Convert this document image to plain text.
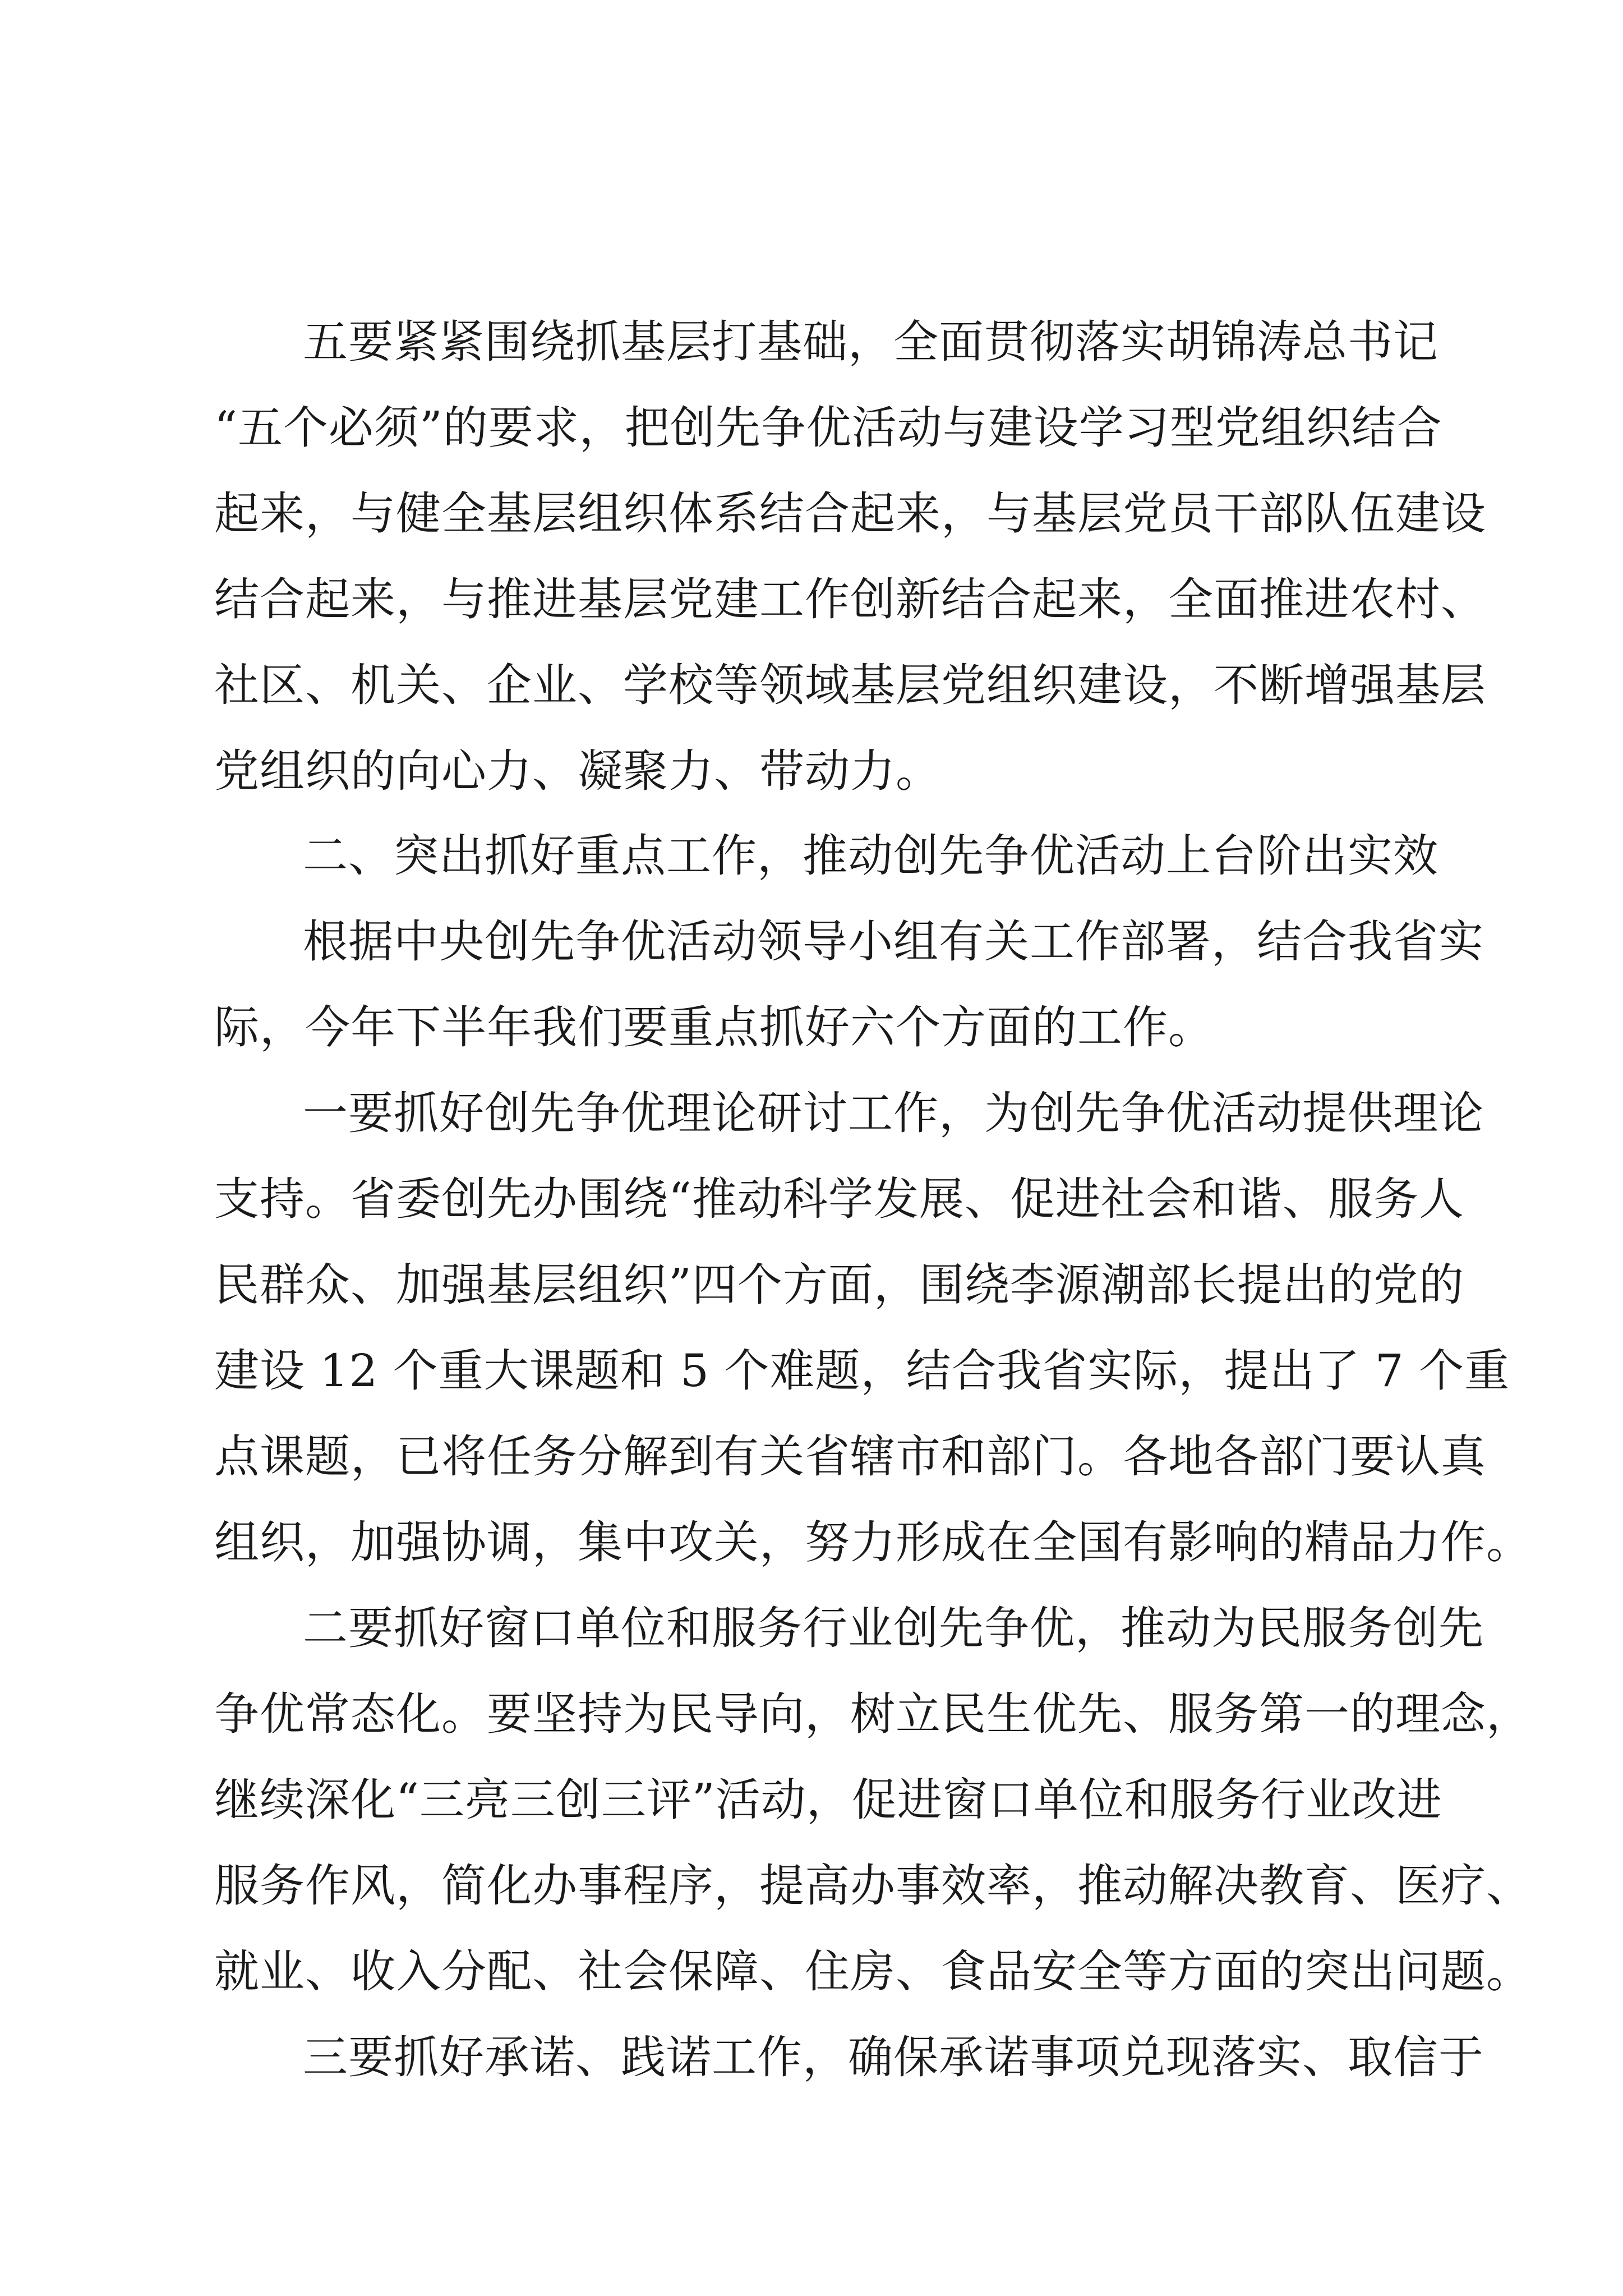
五要紧紧围绕抓基层打基础，全面贯彻落实胡锦涛总书记
“五个必须”的要求，把创先争优活动与建设学习型党组织结合
起来，与健全基层组织体系结合起来，与基层党员干部队伍建设
结合起来，与推进基层党建工作创新结合起来，全面推进农村、
社区、机关、企业、学校等领域基层党组织建设，不断增强基层
党组织的向心力、凝聚力、带动力。
二、突出抓好重点工作，推动创先争优活动上台阶出实效
根据中央创先争优活动领导小组有关工作部署，结合我省实
际，今年下半年我们要重点抓好六个方面的工作。
一要抓好创先争优理论研讨工作，为创先争优活动提供理论
支持。省委创先办围绕“推动科学发展、促进社会和谐、服务人
民群众、加强基层组织”四个方面，围绕李源潮部长提出的党的
建设 12 个重大课题和 5 个难题，结合我省实际，提出了 7 个重
点课题，已将任务分解到有关省辖市和部门。各地各部门要认真
组织，加强协调，集中攻关，努力形成在全国有影响的精品力作。
二要抓好窗口单位和服务行业创先争优，推动为民服务创先
争优常态化。要坚持为民导向，树立民生优先、服务第一的理念，
继续深化“三亮三创三评”活动，促进窗口单位和服务行业改进
服务作风，简化办事程序，提高办事效率，推动解决教育、医疗、
就业、收入分配、社会保障、住房、食品安全等方面的突出问题。
三要抓好承诺、践诺工作，确保承诺事项兑现落实、取信于
